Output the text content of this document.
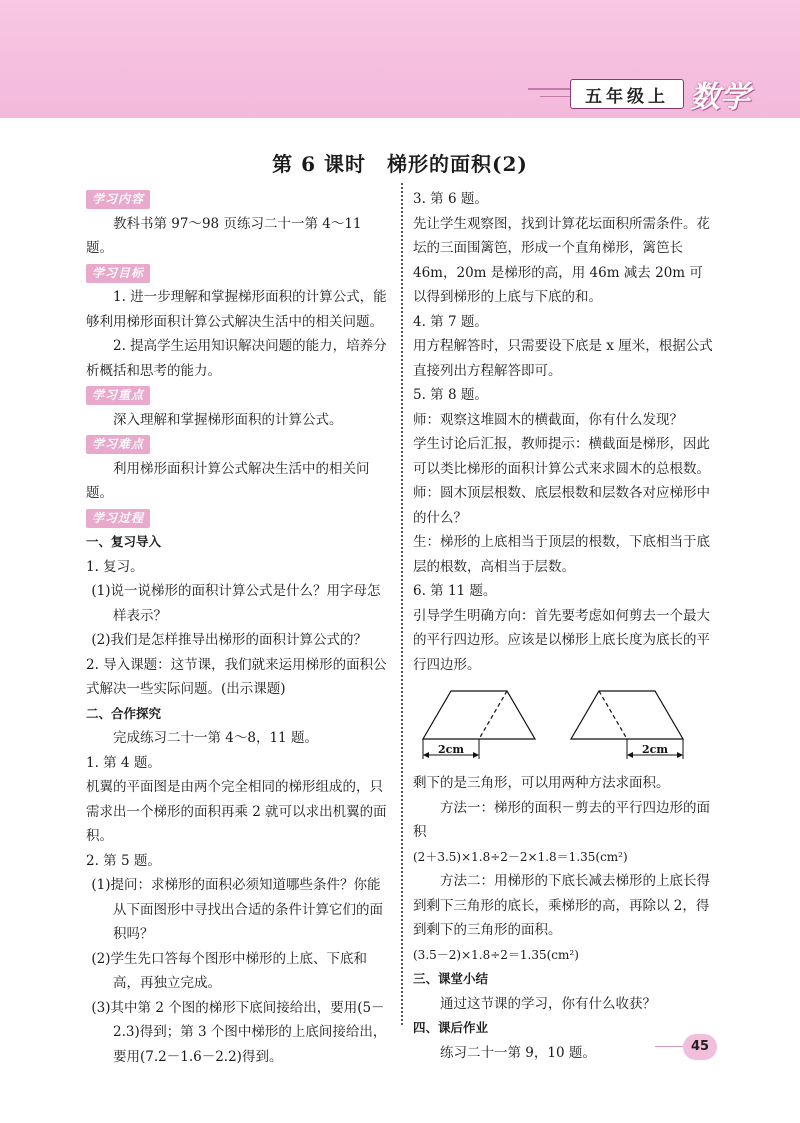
五年级上 数学
第 6 课时　梯形的面积(2)
学习内容

教科书第 97～98 页练习二十一第 4～11 题。

学习目标

1. 进一步理解和掌握梯形面积的计算公式，能够利用梯形面积计算公式解决生活中的相关问题。

2. 提高学生运用知识解决问题的能力，培养分析概括和思考的能力。

学习重点

深入理解和掌握梯形面积的计算公式。

学习难点

利用梯形面积计算公式解决生活中的相关问题。

学习过程

一、复习导入

1. 复习。

(1)说一说梯形的面积计算公式是什么？用字母怎样表示？

(2)我们是怎样推导出梯形的面积计算公式的？

2. 导入课题：这节课，我们就来运用梯形的面积公式解决一些实际问题。(出示课题)

二、合作探究

完成练习二十一第 4～8，11 题。

1. 第 4 题。

机翼的平面图是由两个完全相同的梯形组成的，只需求出一个梯形的面积再乘 2 就可以求出机翼的面积。

2. 第 5 题。

(1)提问：求梯形的面积必须知道哪些条件？你能从下面图形中寻找出合适的条件计算它们的面积吗？

(2)学生先口答每个图形中梯形的上底、下底和高，再独立完成。

(3)其中第 2 个图的梯形下底间接给出，要用(5－2.3)得到；第 3 个图中梯形的上底间接给出，要用(7.2－1.6－2.2)得到。

3. 第 6 题。

先让学生观察图，找到计算花坛面积所需条件。花坛的三面围篱笆，形成一个直角梯形，篱笆长 46m，20m 是梯形的高，用 46m 减去 20m 可以得到梯形的上底与下底的和。

4. 第 7 题。

用方程解答时，只需要设下底是 x 厘米，根据公式直接列出方程解答即可。

5. 第 8 题。

师：观察这堆圆木的横截面，你有什么发现？

学生讨论后汇报，教师提示：横截面是梯形，因此可以类比梯形的面积计算公式来求圆木的总根数。

师：圆木顶层根数、底层根数和层数各对应梯形中的什么？

生：梯形的上底相当于顶层的根数，下底相当于底层的根数，高相当于层数。

6. 第 11 题。

引导学生明确方向：首先要考虑如何剪去一个最大的平行四边形。应该是以梯形上底长度为底长的平行四边形。

2cm	2cm

剩下的是三角形，可以用两种方法求面积。

方法一：梯形的面积－剪去的平行四边形的面积

(2＋3.5)×1.8÷2－2×1.8＝1.35(cm²)

方法二：用梯形的下底长减去梯形的上底长得到剩下三角形的底长，乘梯形的高，再除以 2，得到剩下的三角形的面积。

(3.5－2)×1.8÷2＝1.35(cm²)

三、课堂小结

通过这节课的学习，你有什么收获？

四、课后作业

练习二十一第 9，10 题。	45
